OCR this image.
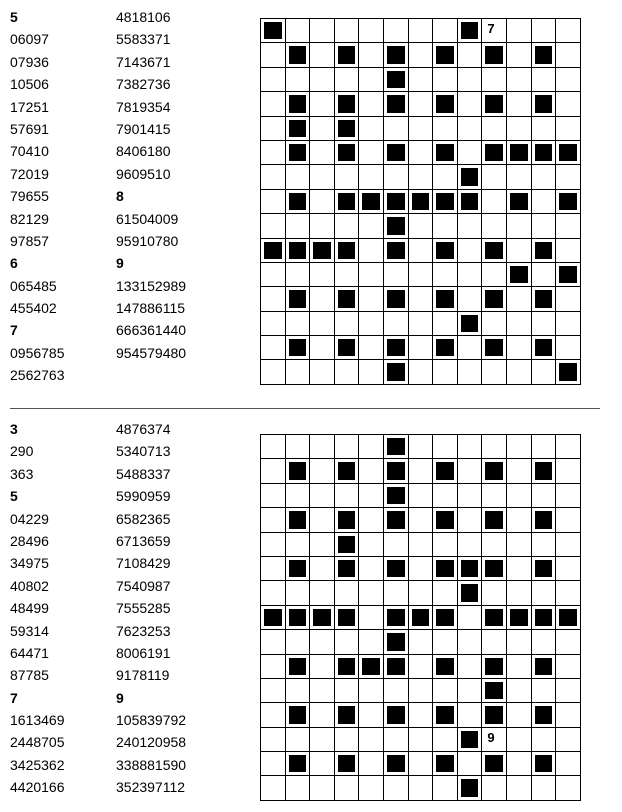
5
06097
07936
10506
17251
57691
70410
72019
79655
82129
97857
6
065485
455402
7
0956785
2562763
4818106
5583371
7143671
7382736
7819354
7901415
8406180
9609510
8
61504009
95910780
9
133152989
147886115
666361440
954579480
7
3
290
363
5
04229
28496
34975
40802
48499
59314
64471
87785
7
1613469
2448705
3425362
4420166
4876374
5340713
5488337
5990959
6582365
6713659
7108429
7540987
7555285
7623253
8006191
9178119
9
105839792
240120958
338881590
352397112
9
